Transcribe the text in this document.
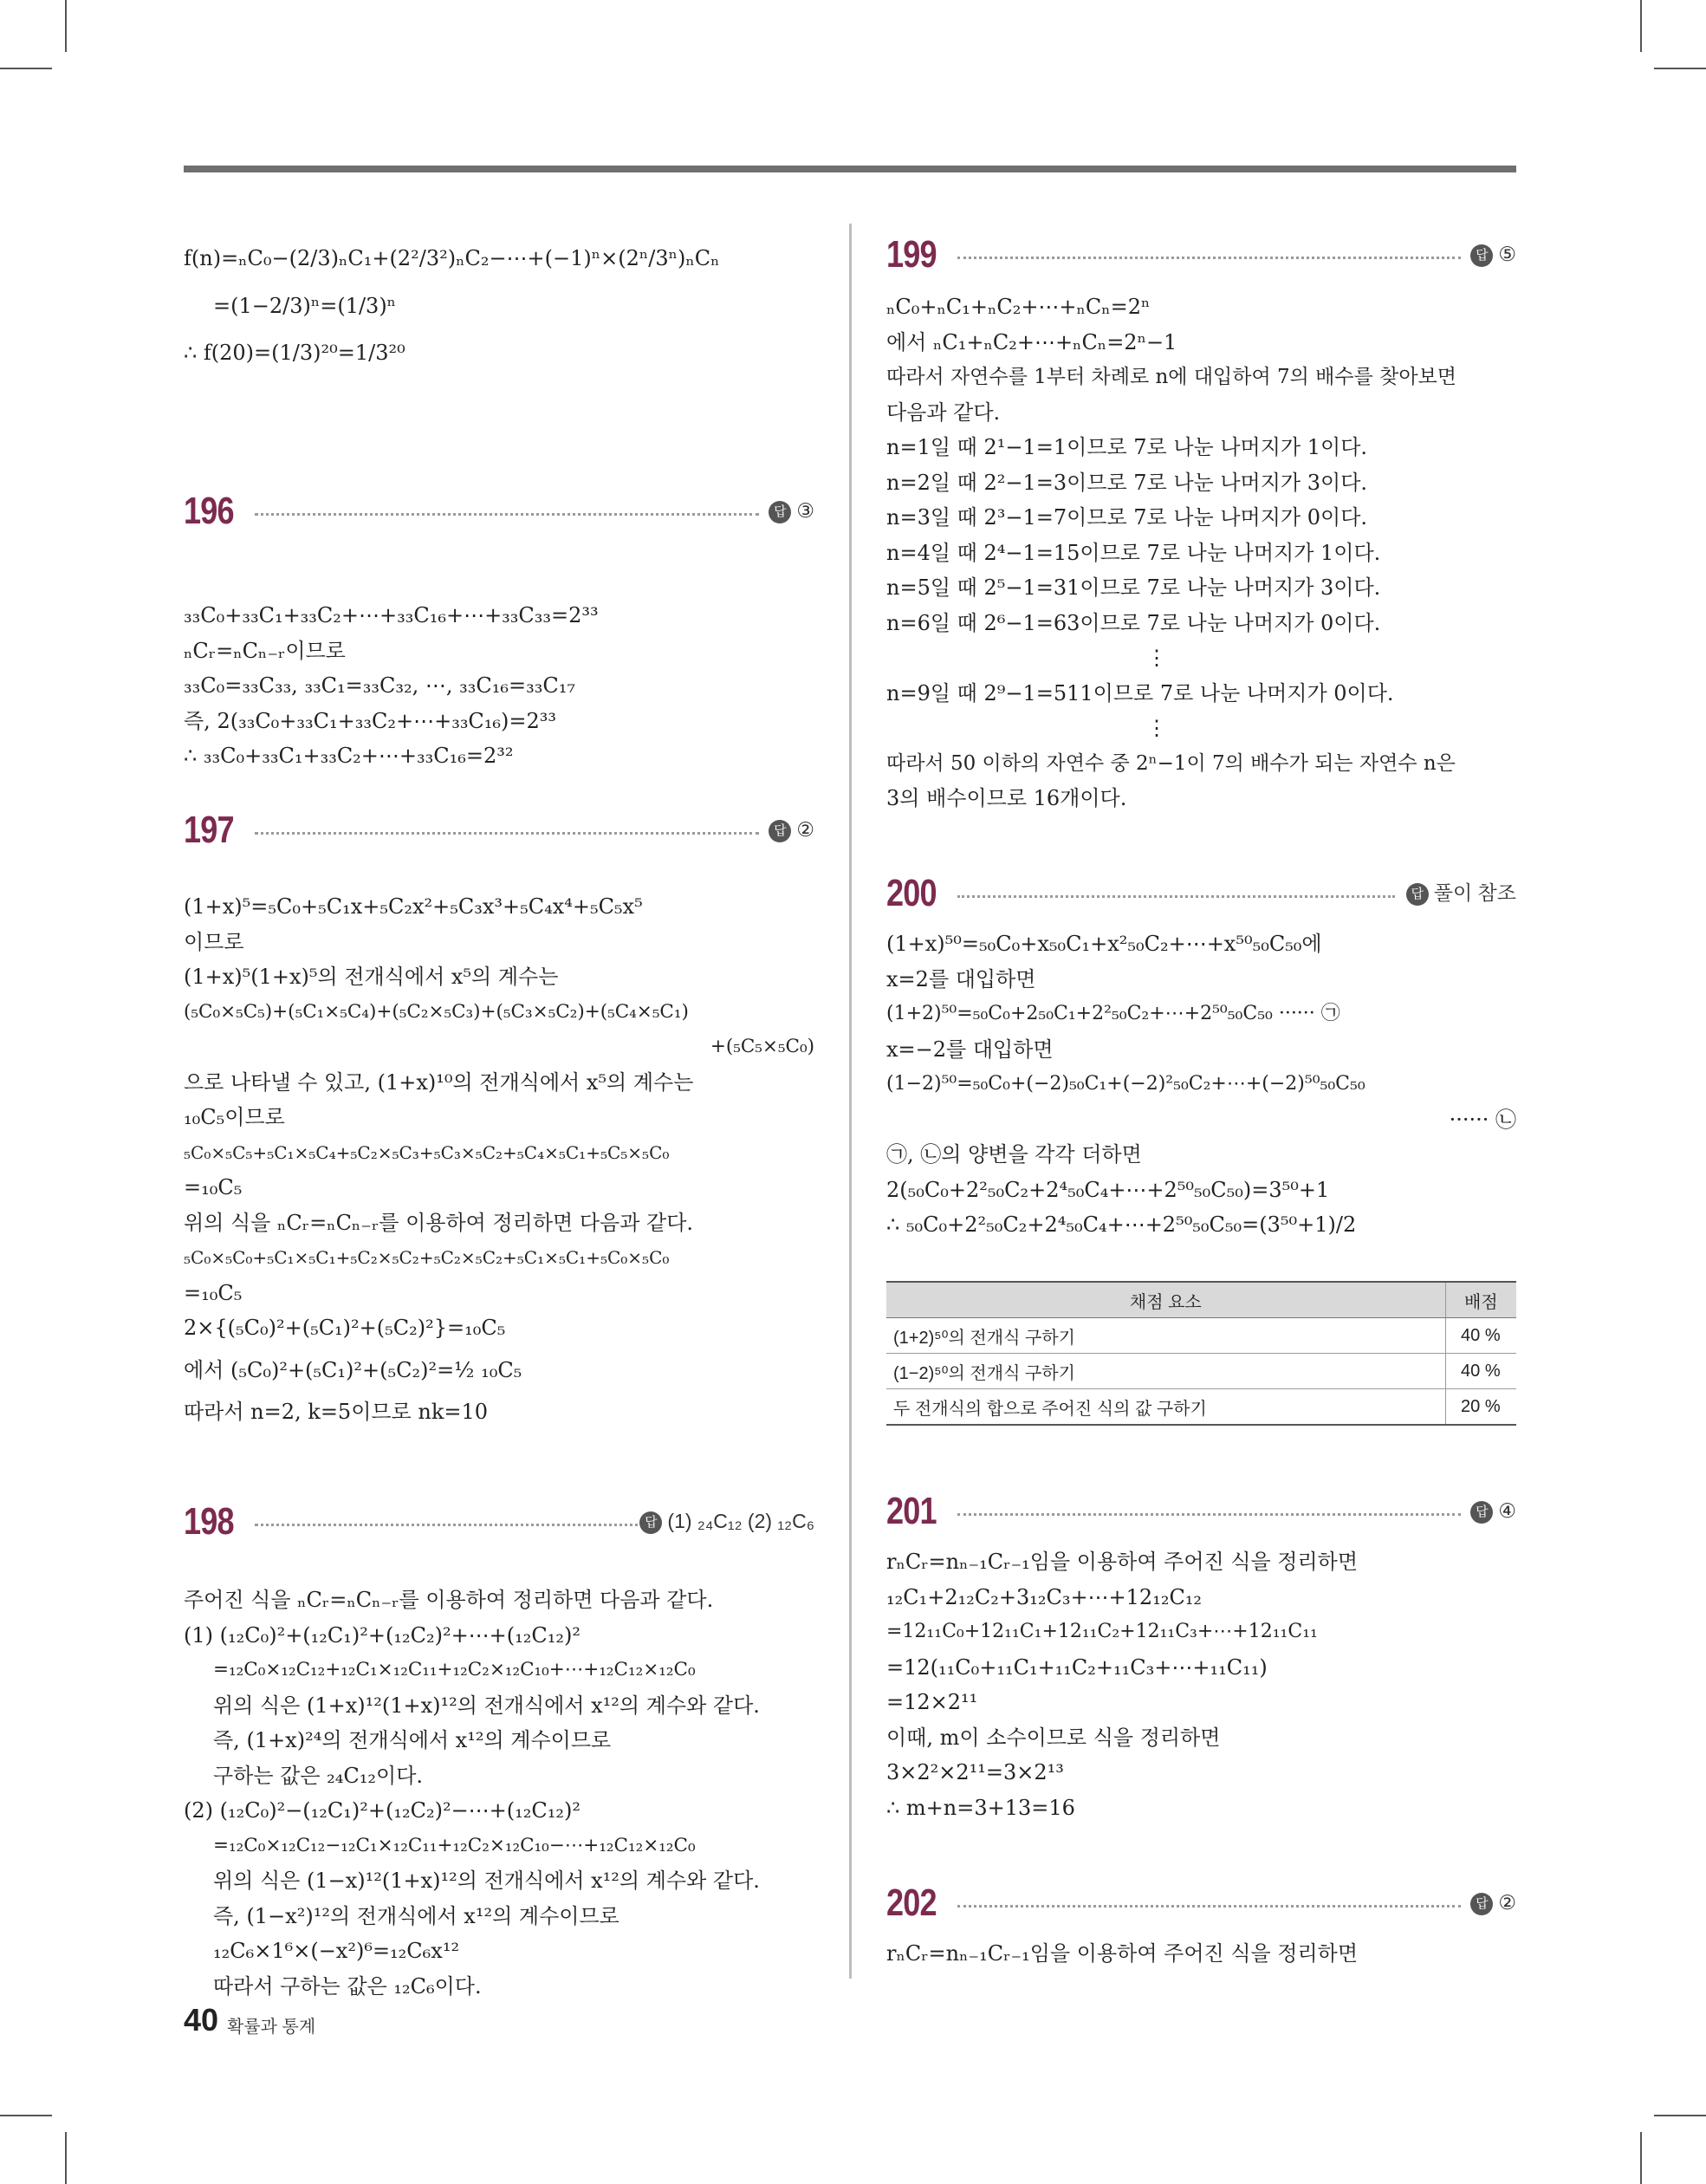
f(n)=ₙC₀−(2/3)ₙC₁+(2²/3²)ₙC₂−⋯+(−1)ⁿ×(2ⁿ/3ⁿ)ₙCₙ
=(1−2/3)ⁿ=(1/3)ⁿ
∴ f(20)=(1/3)²⁰=1/3²⁰
196	답 ③
₃₃C₀+₃₃C₁+₃₃C₂+⋯+₃₃C₁₆+⋯+₃₃C₃₃=2³³
ₙCᵣ=ₙCₙ₋ᵣ이므로
₃₃C₀=₃₃C₃₃, ₃₃C₁=₃₃C₃₂, ⋯, ₃₃C₁₆=₃₃C₁₇
즉, 2(₃₃C₀+₃₃C₁+₃₃C₂+⋯+₃₃C₁₆)=2³³
∴ ₃₃C₀+₃₃C₁+₃₃C₂+⋯+₃₃C₁₆=2³²
197	답 ②
(1+x)⁵=₅C₀+₅C₁x+₅C₂x²+₅C₃x³+₅C₄x⁴+₅C₅x⁵
이므로
(1+x)⁵(1+x)⁵의 전개식에서 x⁵의 계수는
(₅C₀×₅C₅)+(₅C₁×₅C₄)+(₅C₂×₅C₃)+(₅C₃×₅C₂)+(₅C₄×₅C₁)
+(₅C₅×₅C₀)
으로 나타낼 수 있고, (1+x)¹⁰의 전개식에서 x⁵의 계수는
₁₀C₅이므로
₅C₀×₅C₅+₅C₁×₅C₄+₅C₂×₅C₃+₅C₃×₅C₂+₅C₄×₅C₁+₅C₅×₅C₀
=₁₀C₅
위의 식을 ₙCᵣ=ₙCₙ₋ᵣ를 이용하여 정리하면 다음과 같다.
₅C₀×₅C₀+₅C₁×₅C₁+₅C₂×₅C₂+₅C₂×₅C₂+₅C₁×₅C₁+₅C₀×₅C₀
=₁₀C₅
2×{(₅C₀)²+(₅C₁)²+(₅C₂)²}=₁₀C₅
에서 (₅C₀)²+(₅C₁)²+(₅C₂)²=½ ₁₀C₅
따라서 n=2, k=5이므로 nk=10
198	답 (1) ₂₄C₁₂ (2) ₁₂C₆
주어진 식을 ₙCᵣ=ₙCₙ₋ᵣ를 이용하여 정리하면 다음과 같다.
(1) (₁₂C₀)²+(₁₂C₁)²+(₁₂C₂)²+⋯+(₁₂C₁₂)²
=₁₂C₀×₁₂C₁₂+₁₂C₁×₁₂C₁₁+₁₂C₂×₁₂C₁₀+⋯+₁₂C₁₂×₁₂C₀
위의 식은 (1+x)¹²(1+x)¹²의 전개식에서 x¹²의 계수와 같다.
즉, (1+x)²⁴의 전개식에서 x¹²의 계수이므로
구하는 값은 ₂₄C₁₂이다.
(2) (₁₂C₀)²−(₁₂C₁)²+(₁₂C₂)²−⋯+(₁₂C₁₂)²
=₁₂C₀×₁₂C₁₂−₁₂C₁×₁₂C₁₁+₁₂C₂×₁₂C₁₀−⋯+₁₂C₁₂×₁₂C₀
위의 식은 (1−x)¹²(1+x)¹²의 전개식에서 x¹²의 계수와 같다.
즉, (1−x²)¹²의 전개식에서 x¹²의 계수이므로
₁₂C₆×1⁶×(−x²)⁶=₁₂C₆x¹²
따라서 구하는 값은 ₁₂C₆이다.
199	답 ⑤
ₙC₀+ₙC₁+ₙC₂+⋯+ₙCₙ=2ⁿ
에서 ₙC₁+ₙC₂+⋯+ₙCₙ=2ⁿ−1
따라서 자연수를 1부터 차례로 n에 대입하여 7의 배수를 찾아보면
다음과 같다.
n=1일 때 2¹−1=1이므로 7로 나눈 나머지가 1이다.
n=2일 때 2²−1=3이므로 7로 나눈 나머지가 3이다.
n=3일 때 2³−1=7이므로 7로 나눈 나머지가 0이다.
n=4일 때 2⁴−1=15이므로 7로 나눈 나머지가 1이다.
n=5일 때 2⁵−1=31이므로 7로 나눈 나머지가 3이다.
n=6일 때 2⁶−1=63이므로 7로 나눈 나머지가 0이다.
⋮
n=9일 때 2⁹−1=511이므로 7로 나눈 나머지가 0이다.
⋮
따라서 50 이하의 자연수 중 2ⁿ−1이 7의 배수가 되는 자연수 n은
3의 배수이므로 16개이다.
200	답 풀이 참조
(1+x)⁵⁰=₅₀C₀+x₅₀C₁+x²₅₀C₂+⋯+x⁵⁰₅₀C₅₀에
x=2를 대입하면
(1+2)⁵⁰=₅₀C₀+2₅₀C₁+2²₅₀C₂+⋯+2⁵⁰₅₀C₅₀ ······ ㉠
x=−2를 대입하면
(1−2)⁵⁰=₅₀C₀+(−2)₅₀C₁+(−2)²₅₀C₂+⋯+(−2)⁵⁰₅₀C₅₀
······ ㉡
㉠, ㉡의 양변을 각각 더하면
2(₅₀C₀+2²₅₀C₂+2⁴₅₀C₄+⋯+2⁵⁰₅₀C₅₀)=3⁵⁰+1
∴ ₅₀C₀+2²₅₀C₂+2⁴₅₀C₄+⋯+2⁵⁰₅₀C₅₀=(3⁵⁰+1)/2
채점 요소	배점
(1+2)⁵⁰의 전개식 구하기	40 %
(1−2)⁵⁰의 전개식 구하기	40 %
두 전개식의 합으로 주어진 식의 값 구하기	20 %
201	답 ④
rₙCᵣ=nₙ₋₁Cᵣ₋₁임을 이용하여 주어진 식을 정리하면
₁₂C₁+2₁₂C₂+3₁₂C₃+⋯+12₁₂C₁₂
=12₁₁C₀+12₁₁C₁+12₁₁C₂+12₁₁C₃+⋯+12₁₁C₁₁
=12(₁₁C₀+₁₁C₁+₁₁C₂+₁₁C₃+⋯+₁₁C₁₁)
=12×2¹¹
이때, m이 소수이므로 식을 정리하면
3×2²×2¹¹=3×2¹³
∴ m+n=3+13=16
202	답 ②
rₙCᵣ=nₙ₋₁Cᵣ₋₁임을 이용하여 주어진 식을 정리하면
40 확률과 통계
